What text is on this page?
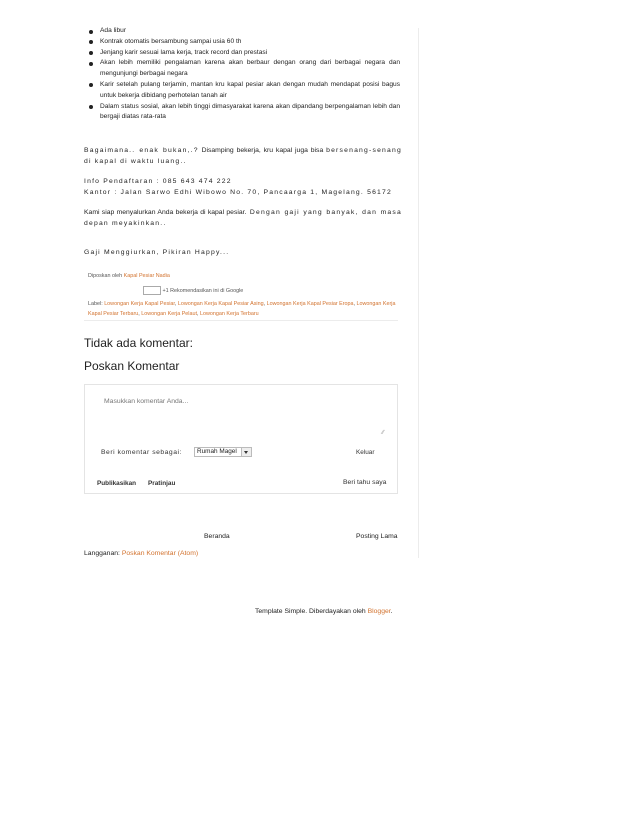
Ada libur
Kontrak otomatis bersambung sampai usia 60 th
Jenjang karir sesuai lama kerja, track record dan prestasi
Akan lebih memiliki pengalaman karena akan berbaur dengan orang dari berbagai negara dan mengunjungi berbagai negara
Karir setelah pulang terjamin, mantan kru kapal pesiar akan dengan mudah mendapat posisi bagus untuk bekerja dibidang perhotelan tanah air
Dalam status sosial, akan lebih tinggi dimasyarakat karena akan dipandang berpengalaman lebih dan bergaji diatas rata-rata
Bagaimana.. enak bukan,.? Disamping bekerja, kru kapal juga bisa bersenang-senang di kapal di waktu luang..
Info Pendaftaran : 085 643 474 222
Kantor : Jalan Sarwo Edhi Wibowo No. 70, Pancaarga 1, Magelang. 56172
Kami siap menyalurkan Anda bekerja di kapal pesiar. Dengan gaji yang banyak, dan masa depan meyakinkan..
Gaji Menggiurkan, Pikiran Happy...
Diposkan oleh Kapal Pesiar Nadia
+1 Rekomendasikan ini di Google
Label: Lowongan Kerja Kapal Pesiar, Lowongan Kerja Kapal Pesiar Asing, Lowongan Kerja Kapal Pesiar Eropa, Lowongan Kerja Kapal Pesiar Terbaru, Lowongan Kerja Pelaut, Lowongan Kerja Terbaru
Tidak ada komentar:
Poskan Komentar
Masukkan komentar Anda...
∕∕
Beri komentar sebagai:	Rumah Magel	Keluar
Publikasikan Pratinjau	Beri tahu saya
Beranda	Posting Lama
Langganan: Poskan Komentar (Atom)
Template Simple. Diberdayakan oleh Blogger.
